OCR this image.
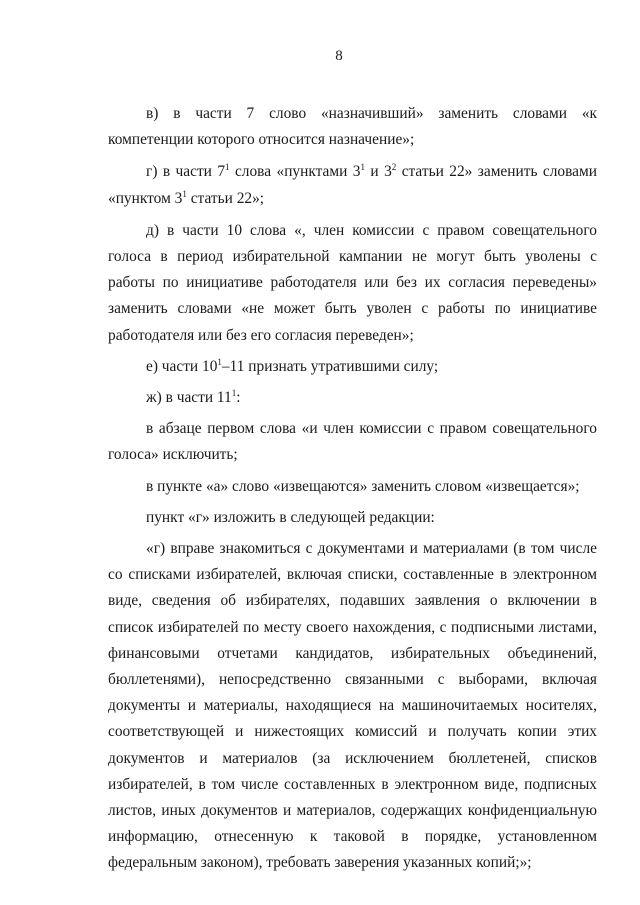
8

в) в части 7 слово «назначивший» заменить словами «к компетенции которого относится назначение»;

г) в части $7^1$ слова «пунктами $3^1$ и $3^2$ статьи 22» заменить словами «пунктом $3^1$ статьи 22»;

д) в части 10 слова «, член комиссии с правом совещательного голоса в период избирательной кампании не могут быть уволены с работы по инициативе работодателя или без их согласия переведены» заменить словами «не может быть уволен с работы по инициативе работодателя или без его согласия переведен»;

е) части $10^1-11$ признать утратившими силу;

ж) в части $11^1$:

в абзаце первом слова «и член комиссии с правом совещательного голоса» исключить;

в пункте «а» слово «извещаются» заменить словом «извещается»;

пункт «г» изложить в следующей редакции:

«г) вправе знакомиться с документами и материалами (в том числе со списками избирателей, включая списки, составленные в электронном виде, сведения об избирателях, подавших заявления о включении в список избирателей по месту своего нахождения, с подписными листами, финансовыми отчетами кандидатов, избирательных объединений, бюллетенями), непосредственно связанными с выборами, включая документы и материалы, находящиеся на машиночитаемых носителях, соответствующей и нижестоящих комиссий и получать копии этих документов и материалов (за исключением бюллетеней, списков избирателей, в том числе составленных в электронном виде, подписных листов, иных документов и материалов, содержащих конфиденциальную информацию, отнесенную к таковой в порядке, установленном федеральным законом), требовать заверения указанных копий;»;
